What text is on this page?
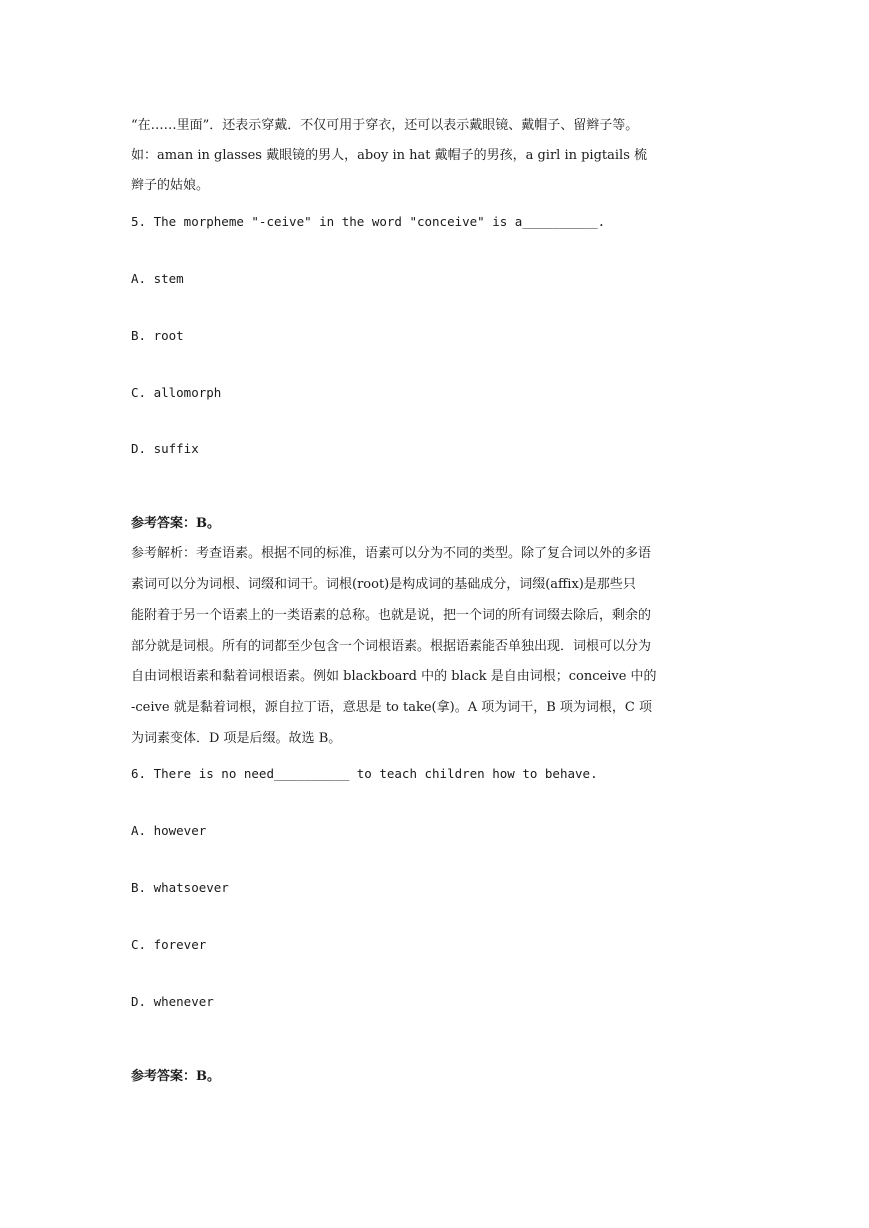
“在……里面”．还表示穿戴．不仅可用于穿衣，还可以表示戴眼镜、戴帽子、留辫子等。
如：aman in glasses 戴眼镜的男人，aboy in hat 戴帽子的男孩，a girl in pigtails 梳
辫子的姑娘。
5. The morpheme "-ceive" in the word "conceive" is a__________.
A. stem
B. root
C. allomorph
D. suffix
参考答案：B。
参考解析：考查语素。根据不同的标准，语素可以分为不同的类型。除了复合词以外的多语
素词可以分为词根、词缀和词干。词根(root)是构成词的基础成分，词缀(affix)是那些只
能附着于另一个语素上的一类语素的总称。也就是说，把一个词的所有词缀去除后，剩余的
部分就是词根。所有的词都至少包含一个词根语素。根据语素能否单独出现．词根可以分为
自由词根语素和黏着词根语素。例如 blackboard 中的 black 是自由词根；conceive 中的
-ceive 就是黏着词根，源自拉丁语，意思是 to take(拿)。A 项为词干，B 项为词根，C 项
为词素变体．D 项是后缀。故选 B。
6. There is no need__________ to teach children how to behave.
A. however
B. whatsoever
C. forever
D. whenever
参考答案：B。
